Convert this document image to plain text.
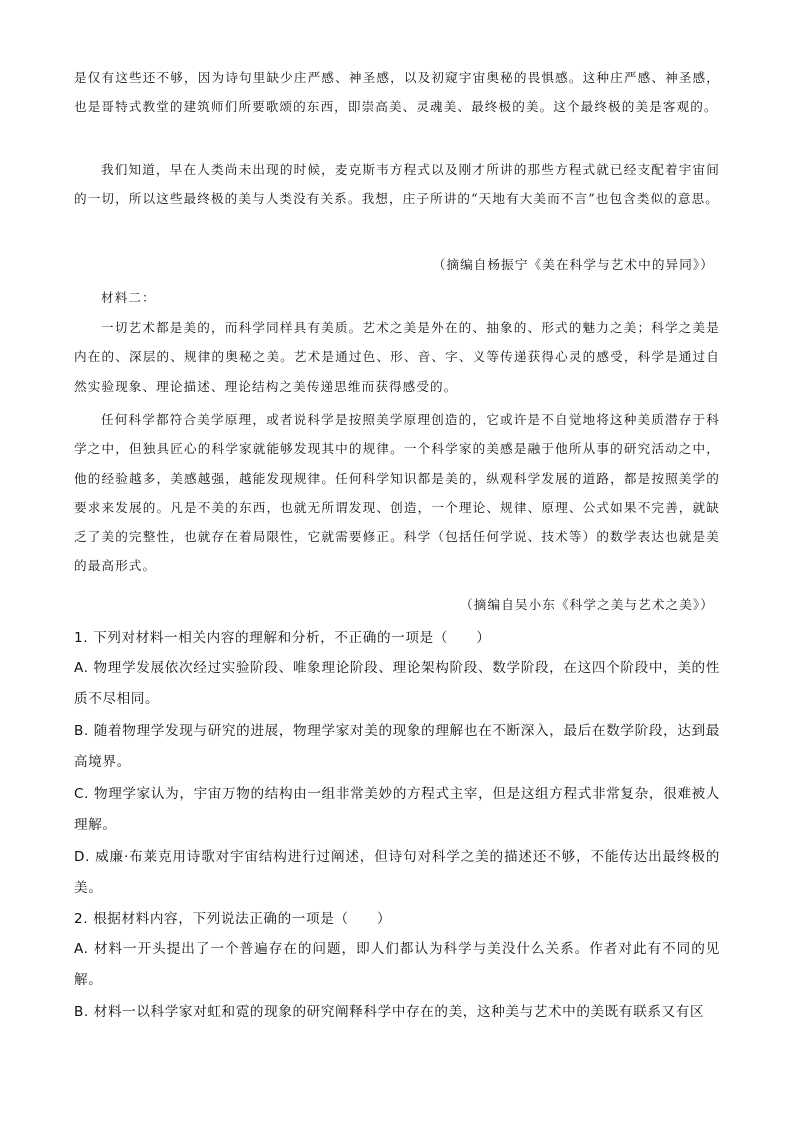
是仅有这些还不够，因为诗句里缺少庄严感、神圣感，以及初窥宇宙奥秘的畏惧感。这种庄严感、神圣感，也是哥特式教堂的建筑师们所要歌颂的东西，即崇高美、灵魂美、最终极的美。这个最终极的美是客观的。

我们知道，早在人类尚未出现的时候，麦克斯韦方程式以及刚才所讲的那些方程式就已经支配着宇宙间的一切，所以这些最终极的美与人类没有关系。我想，庄子所讲的“天地有大美而不言”也包含类似的意思。

（摘编自杨振宁《美在科学与艺术中的异同》）

材料二：

一切艺术都是美的，而科学同样具有美质。艺术之美是外在的、抽象的、形式的魅力之美；科学之美是内在的、深层的、规律的奥秘之美。艺术是通过色、形、音、字、义等传递获得心灵的感受，科学是通过自然实验现象、理论描述、理论结构之美传递思维而获得感受的。

任何科学都符合美学原理，或者说科学是按照美学原理创造的，它或许是不自觉地将这种美质潜存于科学之中，但独具匠心的科学家就能够发现其中的规律。一个科学家的美感是融于他所从事的研究活动之中，他的经验越多，美感越强，越能发现规律。任何科学知识都是美的，纵观科学发展的道路，都是按照美学的要求来发展的。凡是不美的东西，也就无所谓发现、创造，一个理论、规律、原理、公式如果不完善，就缺乏了美的完整性，也就存在着局限性，它就需要修正。科学（包括任何学说、技术等）的数学表达也就是美的最高形式。

（摘编自吴小东《科学之美与艺术之美》）

1. 下列对材料一相关内容的理解和分析，不正确的一项是（　　）

A. 物理学发展依次经过实验阶段、唯象理论阶段、理论架构阶段、数学阶段，在这四个阶段中，美的性质不尽相同。

B. 随着物理学发现与研究的进展，物理学家对美的现象的理解也在不断深入，最后在数学阶段，达到最高境界。

C. 物理学家认为，宇宙万物的结构由一组非常美妙的方程式主宰，但是这组方程式非常复杂，很难被人理解。

D. 威廉·布莱克用诗歌对宇宙结构进行过阐述，但诗句对科学之美的描述还不够，不能传达出最终极的美。

2. 根据材料内容，下列说法正确的一项是（　　）

A. 材料一开头提出了一个普遍存在的问题，即人们都认为科学与美没什么关系。作者对此有不同的见解。

B. 材料一以科学家对虹和霓的现象的研究阐释科学中存在的美，这种美与艺术中的美既有联系又有区
